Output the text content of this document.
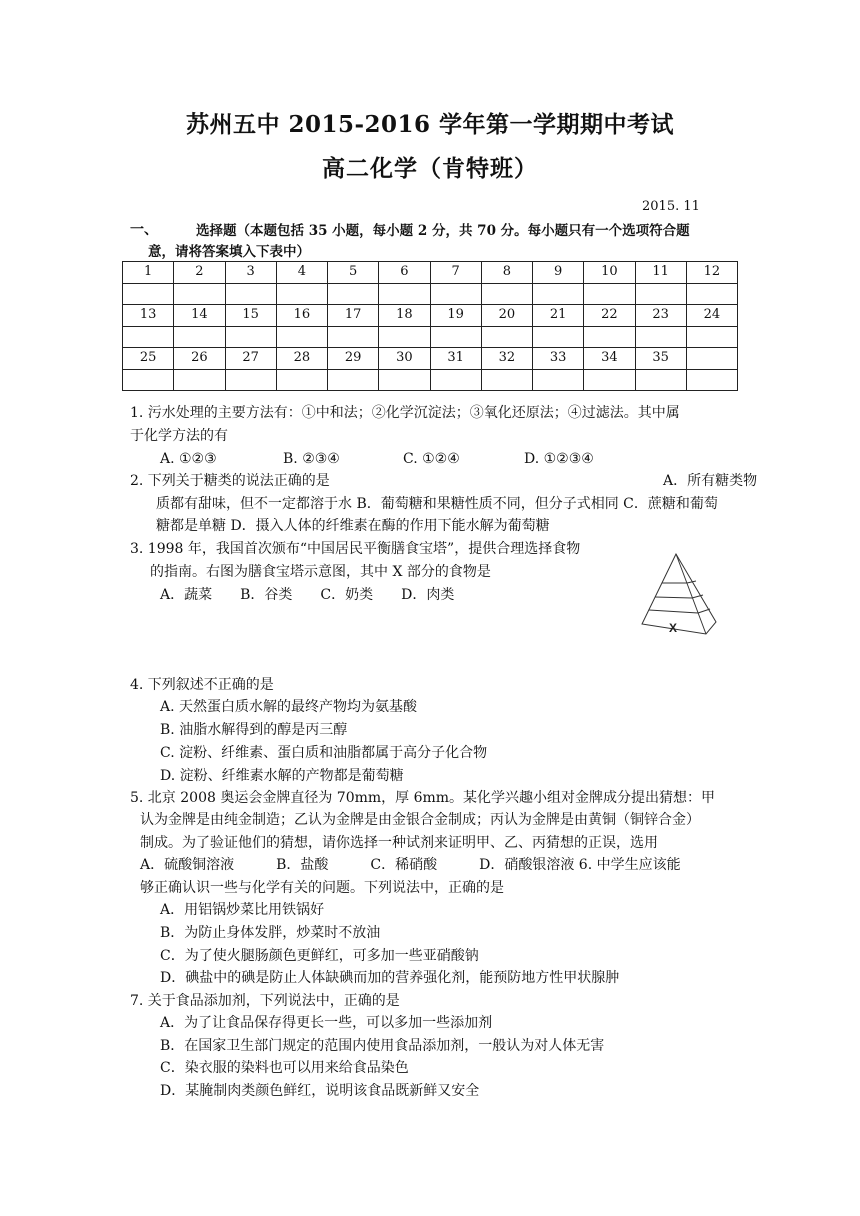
苏州五中 2015-2016 学年第一学期期中考试
高二化学（肯特班）
2015. 11
一、	选择题（本题包括 35 小题，每小题 2 分，共 70 分。每小题只有一个选项符合题
意，请将答案填入下表中）
1	2	3	4	5	6	7	8	9	10	11	12

13	14	15	16	17	18	19	20	21	22	23	24

25	26	27	28	29	30	31	32	33	34	35	

1. 污水处理的主要方法有：①中和法；②化学沉淀法；③氧化还原法；④过滤法。其中属
于化学方法的有
A. ①②③	B. ②③④	C. ①②④	D. ①②③④
2. 下列关于糖类的说法正确的是	A．所有糖类物
质都有甜味，但不一定都溶于水 B．葡萄糖和果糖性质不同，但分子式相同 C．蔗糖和葡萄
糖都是单糖 D．摄入人体的纤维素在酶的作用下能水解为葡萄糖
3. 1998 年，我国首次颁布“中国居民平衡膳食宝塔”，提供合理选择食物
的指南。右图为膳食宝塔示意图，其中 X 部分的食物是
A．蔬菜　　B．谷类　　C．奶类　　D．肉类
X
4. 下列叙述不正确的是
A. 天然蛋白质水解的最终产物均为氨基酸
B. 油脂水解得到的醇是丙三醇
C. 淀粉、纤维素、蛋白质和油脂都属于高分子化合物
D. 淀粉、纤维素水解的产物都是葡萄糖
5. 北京 2008 奥运会金牌直径为 70mm，厚 6mm。某化学兴趣小组对金牌成分提出猜想：甲
认为金牌是由纯金制造；乙认为金牌是由金银合金制成；丙认为金牌是由黄铜（铜锌合金）
制成。为了验证他们的猜想，请你选择一种试剂来证明甲、乙、丙猜想的正误，选用
A．硫酸铜溶液　　　B．盐酸　　　C．稀硝酸　　　D．硝酸银溶液 6. 中学生应该能
够正确认识一些与化学有关的问题。下列说法中，正确的是
A．用铝锅炒菜比用铁锅好
B．为防止身体发胖，炒菜时不放油
C．为了使火腿肠颜色更鲜红，可多加一些亚硝酸钠
D．碘盐中的碘是防止人体缺碘而加的营养强化剂，能预防地方性甲状腺肿
7. 关于食品添加剂，下列说法中，正确的是
A．为了让食品保存得更长一些，可以多加一些添加剂
B．在国家卫生部门规定的范围内使用食品添加剂，一般认为对人体无害
C．染衣服的染料也可以用来给食品染色
D．某腌制肉类颜色鲜红，说明该食品既新鲜又安全
